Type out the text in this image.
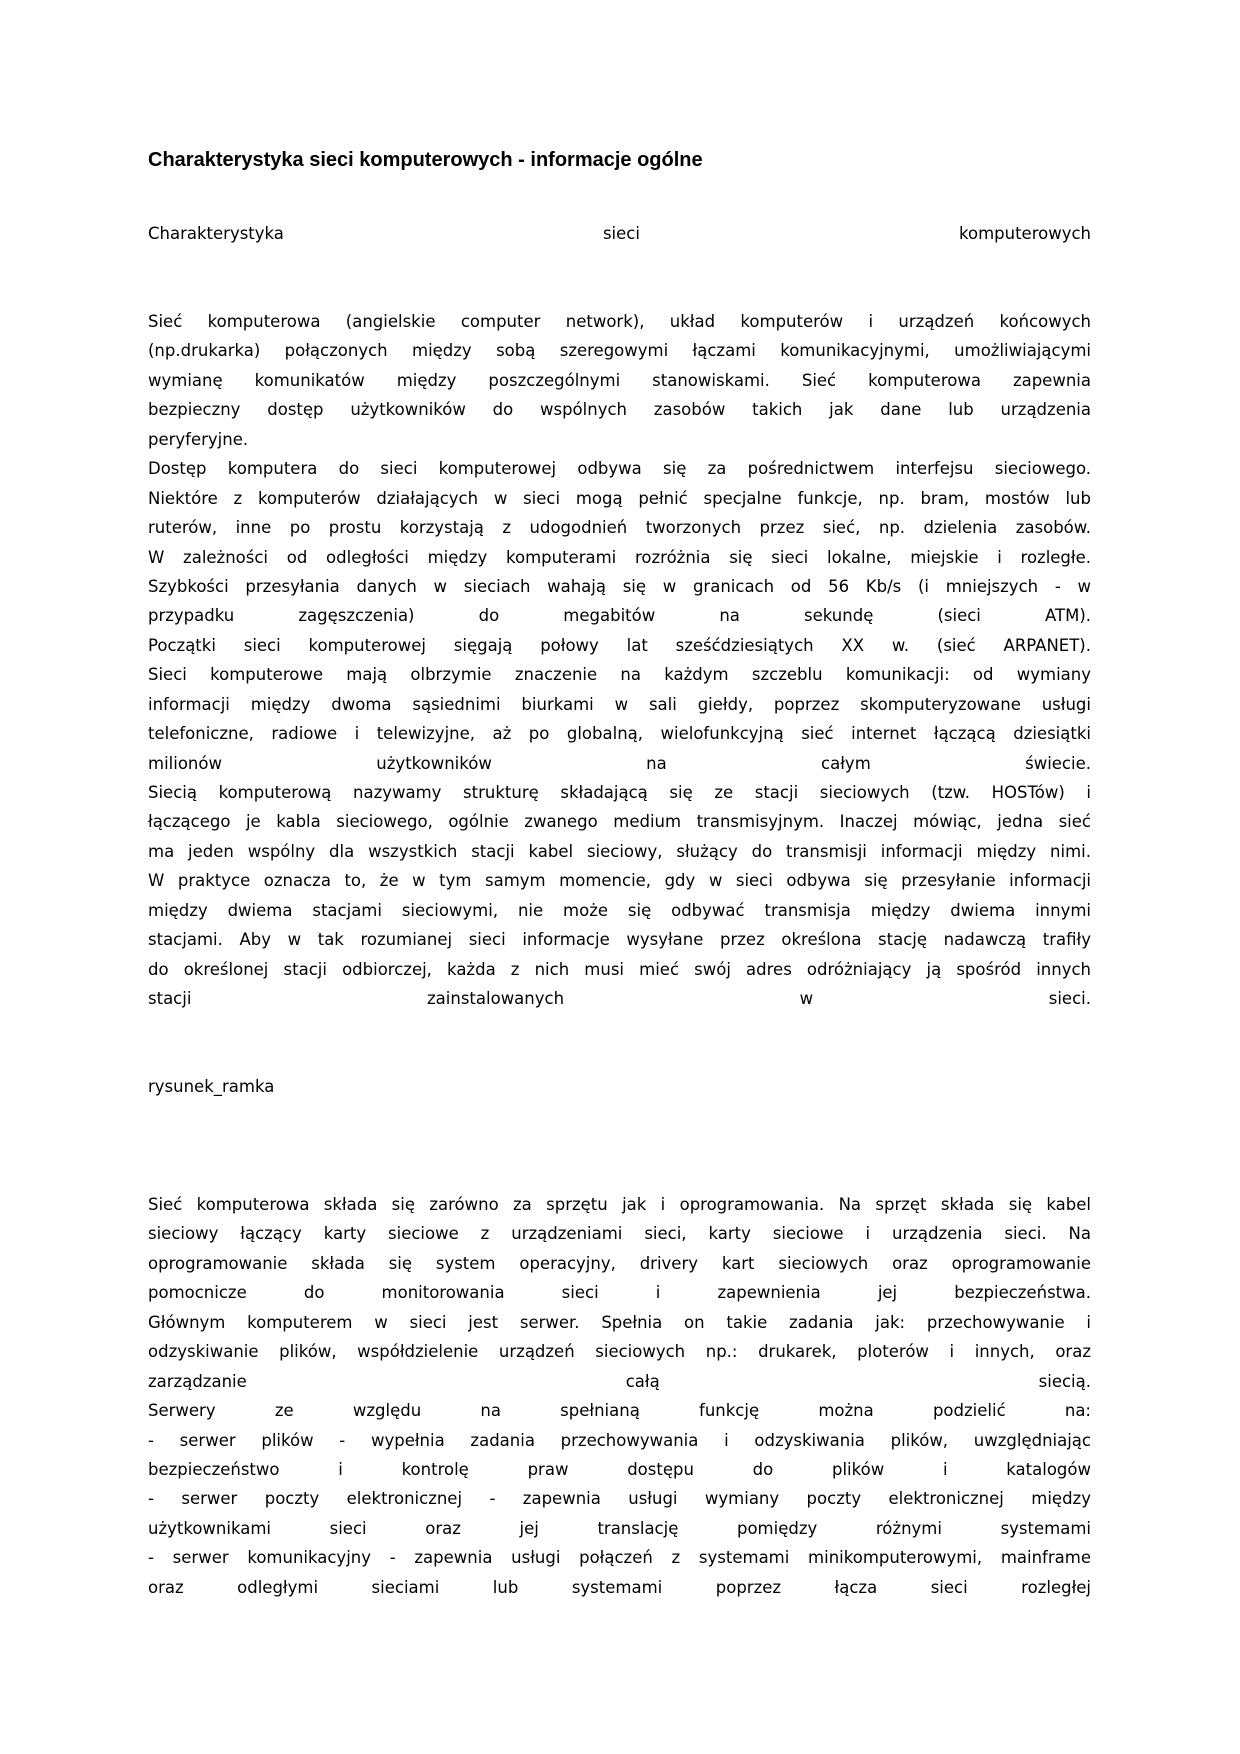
Charakterystyka sieci komputerowych - informacje ogólne
Charakterystyka sieci komputerowych
Sieć komputerowa (angielskie computer network), układ komputerów i urządzeń końcowych
(np.drukarka) połączonych między sobą szeregowymi łączami komunikacyjnymi, umożliwiającymi
wymianę komunikatów między poszczególnymi stanowiskami. Sieć komputerowa zapewnia
bezpieczny dostęp użytkowników do wspólnych zasobów takich jak dane lub urządzenia
peryferyjne.
Dostęp komputera do sieci komputerowej odbywa się za pośrednictwem interfejsu sieciowego.
Niektóre z komputerów działających w sieci mogą pełnić specjalne funkcje, np. bram, mostów lub
ruterów, inne po prostu korzystają z udogodnień tworzonych przez sieć, np. dzielenia zasobów.
W zależności od odległości między komputerami rozróżnia się sieci lokalne, miejskie i rozległe.
Szybkości przesyłania danych w sieciach wahają się w granicach od 56 Kb/s (i mniejszych - w
przypadku zagęszczenia) do megabitów na sekundę (sieci ATM).
Początki sieci komputerowej sięgają połowy lat sześćdziesiątych XX w. (sieć ARPANET).
Sieci komputerowe mają olbrzymie znaczenie na każdym szczeblu komunikacji: od wymiany
informacji między dwoma sąsiednimi biurkami w sali giełdy, poprzez skomputeryzowane usługi
telefoniczne, radiowe i telewizyjne, aż po globalną, wielofunkcyjną sieć internet łączącą dziesiątki
milionów użytkowników na całym świecie.
Siecią komputerową nazywamy strukturę składającą się ze stacji sieciowych (tzw. HOSTów) i
łączącego je kabla sieciowego, ogólnie zwanego medium transmisyjnym. Inaczej mówiąc, jedna sieć
ma jeden wspólny dla wszystkich stacji kabel sieciowy, służący do transmisji informacji między nimi.
W praktyce oznacza to, że w tym samym momencie, gdy w sieci odbywa się przesyłanie informacji
między dwiema stacjami sieciowymi, nie może się odbywać transmisja między dwiema innymi
stacjami. Aby w tak rozumianej sieci informacje wysyłane przez określona stację nadawczą trafiły
do określonej stacji odbiorczej, każda z nich musi mieć swój adres odróżniający ją spośród innych
stacji zainstalowanych w sieci.
rysunek_ramka
Sieć komputerowa składa się zarówno za sprzętu jak i oprogramowania. Na sprzęt składa się kabel
sieciowy łączący karty sieciowe z urządzeniami sieci, karty sieciowe i urządzenia sieci. Na
oprogramowanie składa się system operacyjny, drivery kart sieciowych oraz oprogramowanie
pomocnicze do monitorowania sieci i zapewnienia jej bezpieczeństwa.
Głównym komputerem w sieci jest serwer. Spełnia on takie zadania jak: przechowywanie i
odzyskiwanie plików, współdzielenie urządzeń sieciowych np.: drukarek, ploterów i innych, oraz
zarządzanie całą siecią.
Serwery ze względu na spełnianą funkcję można podzielić na:
- serwer plików - wypełnia zadania przechowywania i odzyskiwania plików, uwzględniając
bezpieczeństwo i kontrolę praw dostępu do plików i katalogów
- serwer poczty elektronicznej - zapewnia usługi wymiany poczty elektronicznej między
użytkownikami sieci oraz jej translację pomiędzy różnymi systemami
- serwer komunikacyjny - zapewnia usługi połączeń z systemami minikomputerowymi, mainframe
oraz odległymi sieciami lub systemami poprzez łącza sieci rozległej
